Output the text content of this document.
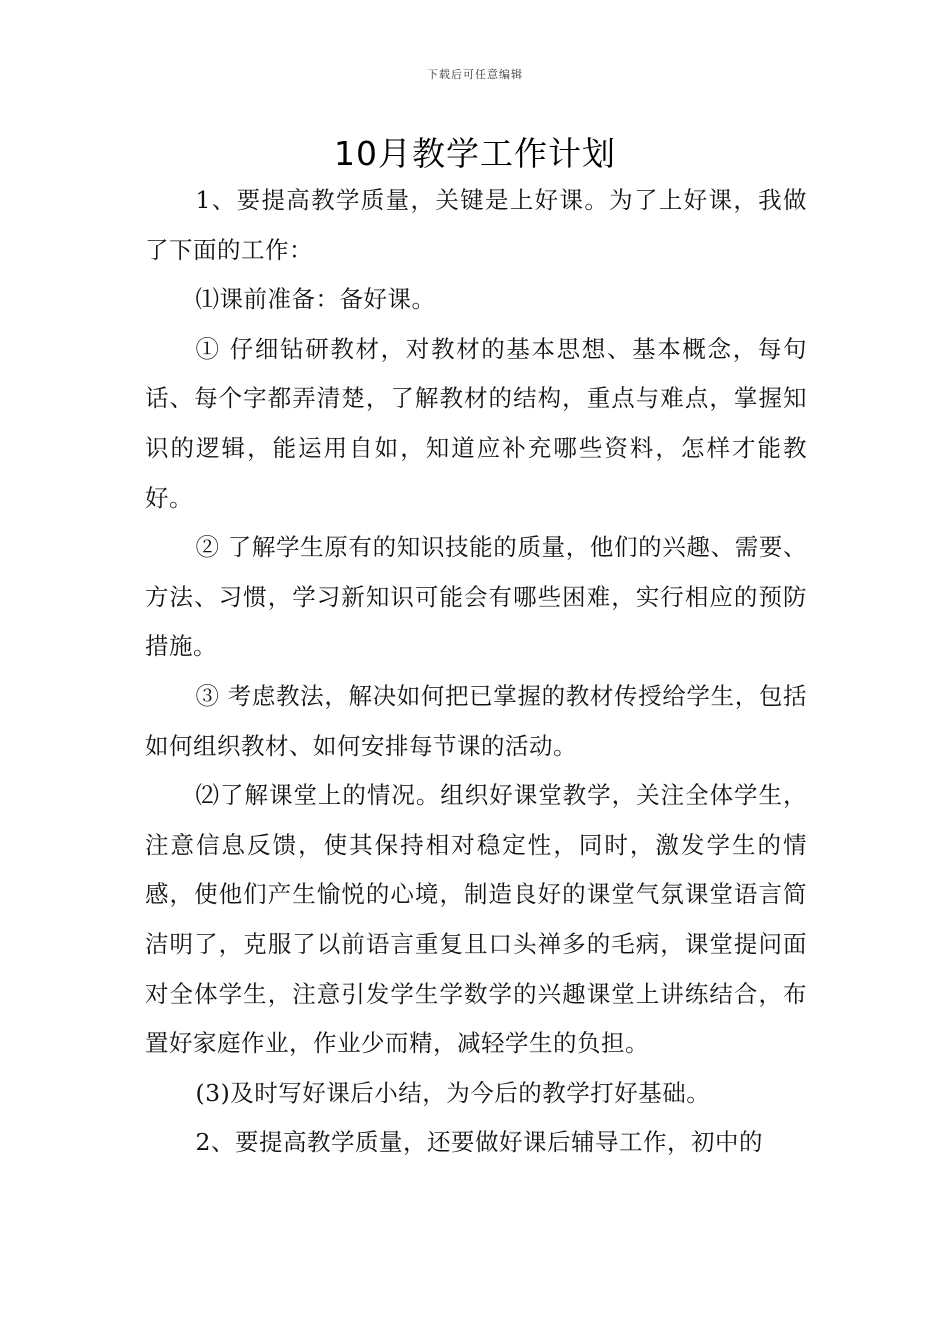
下载后可任意编辑
10月教学工作计划

1、要提高教学质量，关键是上好课。为了上好课，我做了下面的工作：

⑴课前准备：备好课。

① 仔细钻研教材，对教材的基本思想、基本概念，每句话、每个字都弄清楚，了解教材的结构，重点与难点，掌握知识的逻辑，能运用自如，知道应补充哪些资料，怎样才能教好。

② 了解学生原有的知识技能的质量，他们的兴趣、需要、方法、习惯，学习新知识可能会有哪些困难，实行相应的预防措施。

③ 考虑教法，解决如何把已掌握的教材传授给学生，包括如何组织教材、如何安排每节课的活动。

⑵了解课堂上的情况。组织好课堂教学，关注全体学生，注意信息反馈，使其保持相对稳定性，同时，激发学生的情感，使他们产生愉悦的心境，制造良好的课堂气氛课堂语言简洁明了，克服了以前语言重复且口头禅多的毛病，课堂提问面对全体学生，注意引发学生学数学的兴趣课堂上讲练结合，布置好家庭作业，作业少而精，减轻学生的负担。

(3)及时写好课后小结，为今后的教学打好基础。

2、要提高教学质量，还要做好课后辅导工作，初中的
